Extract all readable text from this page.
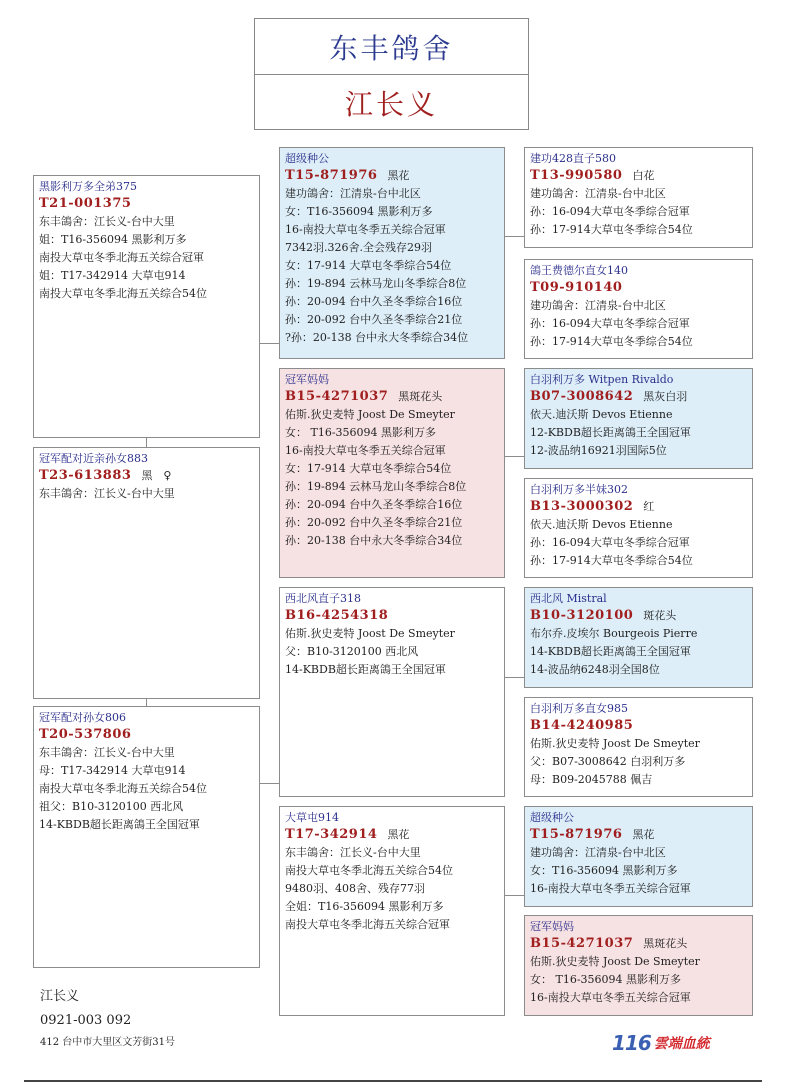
东丰鸽舍
江长义
黑影利万多全弟375
T21-001375
东丰鴿舍：江长义-台中大里
姐：T16-356094 黑影利万多
南投大草屯冬季北海五关综合冠軍
姐：T17-342914 大草屯914
南投大草屯冬季北海五关综合54位
冠军配对近亲孙女883
T23-613883 黑　♀
东丰鴿舍：江长义-台中大里
冠军配对孙女806
T20-537806
东丰鴿舍：江长义-台中大里
母：T17-342914 大草屯914
南投大草屯冬季北海五关综合54位
祖父：B10-3120100 西北风
14-KBDB超长距离鴿王全国冠軍
超级种公
T15-871976 黑花
建功鴿舍：江清泉-台中北区
女：T16-356094 黑影利万多
16-南投大草屯冬季五关综合冠軍
7342羽.326舍.全会残存29羽
女：17-914 大草屯冬季综合54位
孙：19-894 云林马龙山冬季综合8位
孙：20-094 台中久圣冬季综合16位
孙：20-092 台中久圣冬季综合21位
?孙：20-138 台中永大冬季综合34位
冠军妈妈
B15-4271037 黑斑花头
佑斯.狄史麦特 Joost De Smeyter
女： T16-356094 黑影利万多
16-南投大草屯冬季五关综合冠軍
女：17-914 大草屯冬季综合54位
孙：19-894 云林马龙山冬季综合8位
孙：20-094 台中久圣冬季综合16位
孙：20-092 台中久圣冬季综合21位
孙：20-138 台中永大冬季综合34位
西北风直子318
B16-4254318
佑斯.狄史麦特 Joost De Smeyter
父：B10-3120100 西北风
14-KBDB超长距离鴿王全国冠軍
大草屯914
T17-342914 黑花
东丰鴿舍：江长义-台中大里
南投大草屯冬季北海五关综合54位
9480羽、408舍、残存77羽
全姐：T16-356094 黑影利万多
南投大草屯冬季北海五关综合冠軍
建功428直子580
T13-990580 白花
建功鴿舍：江清泉-台中北区
孙：16-094大草屯冬季综合冠軍
孙：17-914大草屯冬季综合54位
鴿王费德尔直女140
T09-910140
建功鴿舍：江清泉-台中北区
孙：16-094大草屯冬季综合冠軍
孙：17-914大草屯冬季综合54位
白羽利万多 Witpen Rivaldo
B07-3008642 黑灰白羽
依天.迪沃斯 Devos Etienne
12-KBDB超长距离鴿王全国冠軍
12-波品纳16921羽国际5位
白羽利万多半妹302
B13-3000302 红
依天.迪沃斯 Devos Etienne
孙：16-094大草屯冬季综合冠軍
孙：17-914大草屯冬季综合54位
西北风 Mistral
B10-3120100 斑花头
布尔乔.皮埃尔 Bourgeois Pierre
14-KBDB超长距离鴿王全国冠軍
14-波品纳6248羽全国8位
白羽利万多直女985
B14-4240985
佑斯.狄史麦特 Joost De Smeyter
父：B07-3008642 白羽利万多
母：B09-2045788 佩吉
超级种公
T15-871976 黑花
建功鴿舍：江清泉-台中北区
女：T16-356094 黑影利万多
16-南投大草屯冬季五关综合冠軍
冠军妈妈
B15-4271037 黑斑花头
佑斯.狄史麦特 Joost De Smeyter
女： T16-356094 黑影利万多
16-南投大草屯冬季五关综合冠軍
江长义
0921-003 092
412 台中市大里区文芳街31号	116 雲端血統
